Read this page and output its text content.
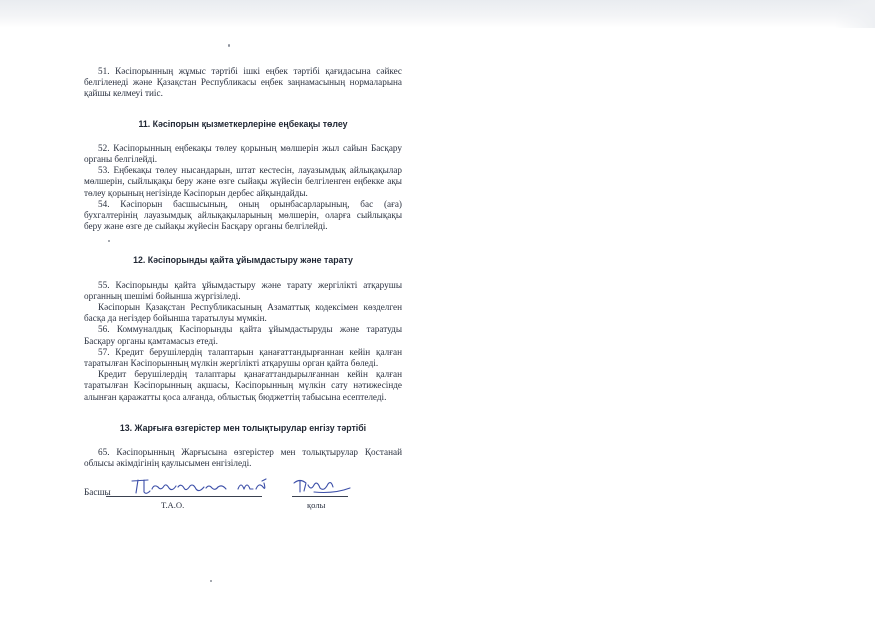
51. Кәсіпорынның жұмыс тәртібі ішкі еңбек тәртібі қағидасына сәйкес белгіленеді және Қазақстан Республикасы еңбек заңнамасының нормаларына қайшы келмеуі тиіс.

11. Кәсіпорын қызметкерлеріне еңбекақы төлеу

52. Кәсіпорынның еңбекақы төлеу қорының мөлшерін жыл сайын Басқару органы белгілейді.

53. Еңбекақы төлеу нысандарын, штат кестесін, лауазымдық айлықақылар мөлшерін, сыйлықақы беру және өзге сыйақы жүйесін белгіленген еңбекке ақы төлеу қорының негізінде Кәсіпорын дербес айқындайды.

54. Кәсіпорын басшысының, оның орынбасарларының, бас (аға) бухгалтерінің лауазымдық айлықақыларының мөлшерін, оларға сыйлықақы беру және өзге де сыйақы жүйесін Басқару органы белгілейді.

12. Кәсіпорынды қайта ұйымдастыру және тарату

55. Кәсіпорынды қайта ұйымдастыру және тарату жергілікті атқарушы органның шешімі бойынша жүргізіледі.

Кәсіпорын Қазақстан Республикасының Азаматтық кодексімен көзделген басқа да негіздер бойынша таратылуы мүмкін.

56. Коммуналдық Кәсіпорынды қайта ұйымдастыруды және таратуды Басқару органы қамтамасыз етеді.

57. Кредит берушілердің талаптарын қанағаттандырғаннан кейін қалған таратылған Кәсіпорынның мүлкін жергілікті атқарушы орган қайта бөледі.

Кредит берушілердің талаптары қанағаттандырылғаннан кейін қалған таратылған Кәсіпорынның ақшасы, Кәсіпорынның мүлкін сату нәтижесінде алынған қаражатты қоса алғанда, облыстық бюджеттің табысына есептеледі.

13. Жарғыға өзгерістер мен толықтырулар енгізу тәртібі

65. Кәсіпорынның Жарғысына өзгерістер мен толықтырулар Қостанай облысы әкімдігінің қаулысымен енгізіледі.

Басшы
Т.А.О.	қолы
